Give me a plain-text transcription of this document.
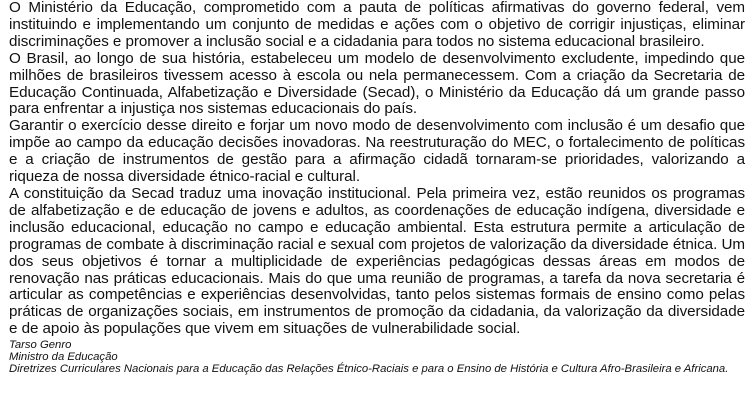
O Ministério da Educação, comprometido com a pauta de políticas afirmativas do governo federal, vem instituindo e implementando um conjunto de medidas e ações com o objetivo de corrigir injustiças, eliminar discriminações e promover a inclusão social e a cidadania para todos no sistema educacional brasileiro.

O Brasil, ao longo de sua história, estabeleceu um modelo de desenvolvimento excludente, impedindo que milhões de brasileiros tivessem acesso à escola ou nela permanecessem. Com a criação da Secretaria de Educação Continuada, Alfabetização e Diversidade (Secad), o Ministério da Educação dá um grande passo para enfrentar a injustiça nos sistemas educacionais do país.

Garantir o exercício desse direito e forjar um novo modo de desenvolvimento com inclusão é um desafio que impõe ao campo da educação decisões inovadoras. Na reestruturação do MEC, o fortalecimento de políticas e a criação de instrumentos de gestão para a afirmação cidadã tornaram-se prioridades, valorizando a riqueza de nossa diversidade étnico-racial e cultural.

A constituição da Secad traduz uma inovação institucional. Pela primeira vez, estão reunidos os programas de alfabetização e de educação de jovens e adultos, as coordenações de educação indígena, diversidade e inclusão educacional, educação no campo e educação ambiental. Esta estrutura permite a articulação de programas de combate à discriminação racial e sexual com projetos de valorização da diversidade étnica. Um dos seus objetivos é tornar a multiplicidade de experiências pedagógicas dessas áreas em modos de renovação nas práticas educacionais. Mais do que uma reunião de programas, a tarefa da nova secretaria é articular as competências e experiências desenvolvidas, tanto pelos sistemas formais de ensino como pelas práticas de organizações sociais, em instrumentos de promoção da cidadania, da valorização da diversidade e de apoio às populações que vivem em situações de vulnerabilidade social.

Tarso Genro
Ministro da Educação
Diretrizes Curriculares Nacionais para a Educação das Relações Étnico-Raciais e para o Ensino de História e Cultura Afro-Brasileira e Africana.
